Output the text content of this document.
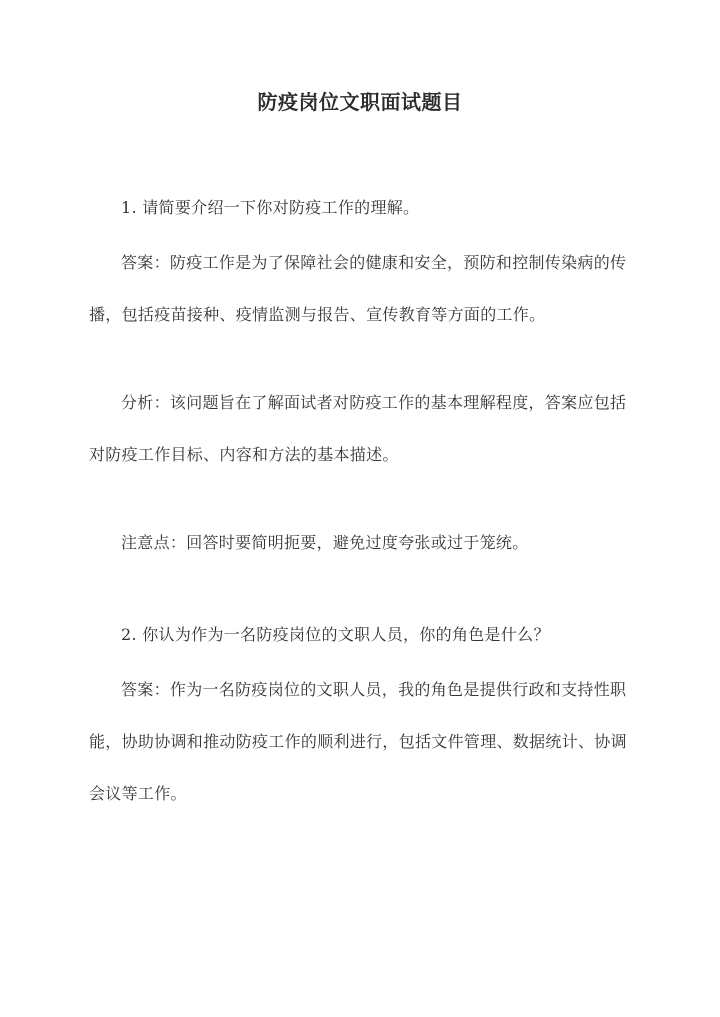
防疫岗位文职面试题目
1. 请简要介绍一下你对防疫工作的理解。
答案：防疫工作是为了保障社会的健康和安全，预防和控制传染病的传播，包括疫苗接种、疫情监测与报告、宣传教育等方面的工作。
分析：该问题旨在了解面试者对防疫工作的基本理解程度，答案应包括对防疫工作目标、内容和方法的基本描述。
注意点：回答时要简明扼要，避免过度夸张或过于笼统。
2. 你认为作为一名防疫岗位的文职人员，你的角色是什么？
答案：作为一名防疫岗位的文职人员，我的角色是提供行政和支持性职能，协助协调和推动防疫工作的顺利进行，包括文件管理、数据统计、协调会议等工作。
